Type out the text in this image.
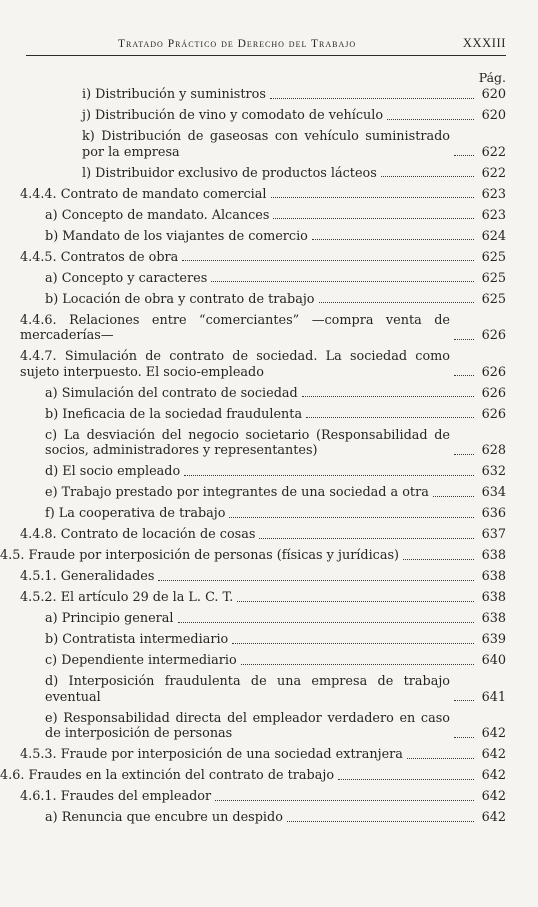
Tratado Práctico de Derecho del Trabajo	XXXIII
Pág.
i) Distribución y suministros	620
j) Distribución de vino y comodato de vehículo	620
k) Distribución de gaseosas con vehículo suministrado por la empresa	622
l) Distribuidor exclusivo de productos lácteos	622
4.4.4. Contrato de mandato comercial	623
a) Concepto de mandato. Alcances	623
b) Mandato de los viajantes de comercio	624
4.4.5. Contratos de obra	625
a) Concepto y caracteres	625
b) Locación de obra y contrato de trabajo	625
4.4.6. Relaciones entre “comerciantes” —compra venta de mercaderías—	626
4.4.7. Simulación de contrato de sociedad. La sociedad como sujeto interpuesto. El socio-empleado	626
a) Simulación del contrato de sociedad	626
b) Ineficacia de la sociedad fraudulenta	626
c) La desviación del negocio societario (Responsabilidad de socios, administradores y representantes)	628
d) El socio empleado	632
e) Trabajo prestado por integrantes de una sociedad a otra	634
f) La cooperativa de trabajo	636
4.4.8. Contrato de locación de cosas	637
4.5. Fraude por interposición de personas (físicas y jurídicas)	638
4.5.1. Generalidades	638
4.5.2. El artículo 29 de la L. C. T.	638
a) Principio general	638
b) Contratista intermediario	639
c) Dependiente intermediario	640
d) Interposición fraudulenta de una empresa de trabajo eventual	641
e) Responsabilidad directa del empleador verdadero en caso de interposición de personas	642
4.5.3. Fraude por interposición de una sociedad extranjera	642
4.6. Fraudes en la extinción del contrato de trabajo	642
4.6.1. Fraudes del empleador	642
a) Renuncia que encubre un despido	642
